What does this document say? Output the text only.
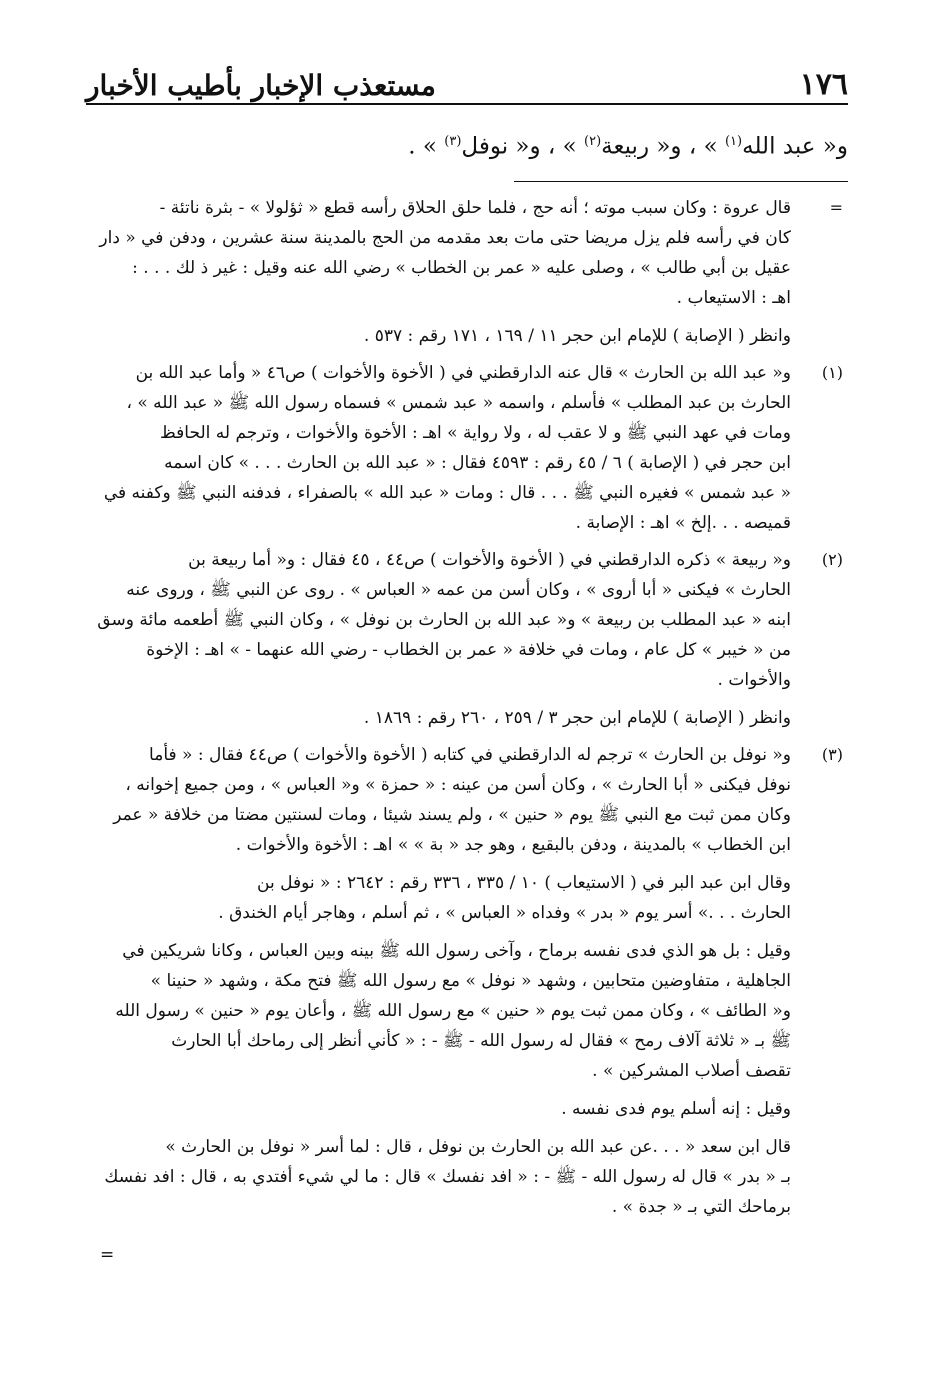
١٧٦
مستعذب الإخبار بأطيب الأخبار
و« عبد الله$^{(١)}$ » ، و« ربيعة$^{(٢)}$ » ، و« نوفل$^{(٣)}$ » .
=
قال عروة : وكان سبب موته ؛ أنه حج ، فلما حلق الحلاق رأسه قطع « ثؤلولا » - بثرة ناتئة -
كان في رأسه فلم يزل مريضا حتى مات بعد مقدمه من الحج بالمدينة سنة عشرين ، ودفن في « دار
عقيل بن أبي طالب » ، وصلى عليه « عمر بن الخطاب » رضي الله عنه وقيل : غير ذ لك . . . :
اهـ : الاستيعاب .
وانظر ( الإصابة ) للإمام ابن حجر ١١ / ١٦٩ ، ١٧١ رقم : ٥٣٧ .
(١)
و« عبد الله بن الحارث » قال عنه الدارقطني في ( الأخوة والأخوات ) ص٤٦ « وأما عبد الله بن
الحارث بن عبد المطلب » فأسلم ، واسمه « عبد شمس » فسماه رسول الله ﷺ « عبد الله » ،
ومات في عهد النبي ﷺ و لا عقب له ، ولا رواية » اهـ : الأخوة والأخوات ، وترجم له الحافظ
ابن حجر في ( الإصابة ) ٦ / ٤٥ رقم : ٤٥٩٣ فقال : « عبد الله بن الحارث . . . » كان اسمه
« عبد شمس » فغيره النبي ﷺ . . . قال : ومات « عبد الله » بالصفراء ، فدفنه النبي ﷺ وكفنه في
قميصه . . .إلخ » اهـ : الإصابة .
(٢)
و« ربيعة » ذكره الدارقطني في ( الأخوة والأخوات ) ص٤٤ ، ٤٥ فقال : و« أما ربيعة بن
الحارث » فيكنى « أبا أروى » ، وكان أسن من عمه « العباس » . روى عن النبي ﷺ ، وروى عنه
ابنه « عبد المطلب بن ربيعة » و« عبد الله بن الحارث بن نوفل » ، وكان النبي ﷺ أطعمه مائة وسق
من « خيبر » كل عام ، ومات في خلافة « عمر بن الخطاب - رضي الله عنهما - » اهـ : الإخوة
والأخوات .
وانظر ( الإصابة ) للإمام ابن حجر ٣ / ٢٥٩ ، ٢٦٠ رقم : ١٨٦٩ .
(٣)
و« نوفل بن الحارث » ترجم له الدارقطني في كتابه ( الأخوة والأخوات ) ص٤٤ فقال : « فأما
نوفل فيكنى « أبا الحارث » ، وكان أسن من عينه : « حمزة » و« العباس » ، ومن جميع إخوانه ،
وكان ممن ثبت مع النبي ﷺ يوم « حنين » ، ولم يسند شيئا ، ومات لسنتين مضتا من خلافة « عمر
ابن الخطاب » بالمدينة ، ودفن بالبقيع ، وهو جد « بة » » اهـ : الأخوة والأخوات .
وقال ابن عبد البر في ( الاستيعاب ) ١٠ / ٣٣٥ ، ٣٣٦ رقم : ٢٦٤٢ : « نوفل بن
الحارث . . .» أسر يوم « بدر » وفداه « العباس » ، ثم أسلم ، وهاجر أيام الخندق .
وقيل : بل هو الذي فدى نفسه برماح ، وآخى رسول الله ﷺ بينه وبين العباس ، وكانا شريكين في
الجاهلية ، متفاوضين متحابين ، وشهد « نوفل » مع رسول الله ﷺ فتح مكة ، وشهد « حنينا »
و« الطائف » ، وكان ممن ثبت يوم « حنين » مع رسول الله ﷺ ، وأعان يوم « حنين » رسول الله
ﷺ بـ « ثلاثة آلاف رمح » فقال له رسول الله - ﷺ - : « كأني أنظر إلى رماحك أبا الحارث
تقصف أصلاب المشركين » .
وقيل : إنه أسلم يوم فدى نفسه .
قال ابن سعد « . . .عن عبد الله بن الحارث بن نوفل ، قال : لما أسر « نوفل بن الحارث »
بـ « بدر » قال له رسول الله - ﷺ - : « افد نفسك » قال : ما لي شيء أفتدي به ، قال : افد نفسك
برماحك التي بـ « جدة » .
=
